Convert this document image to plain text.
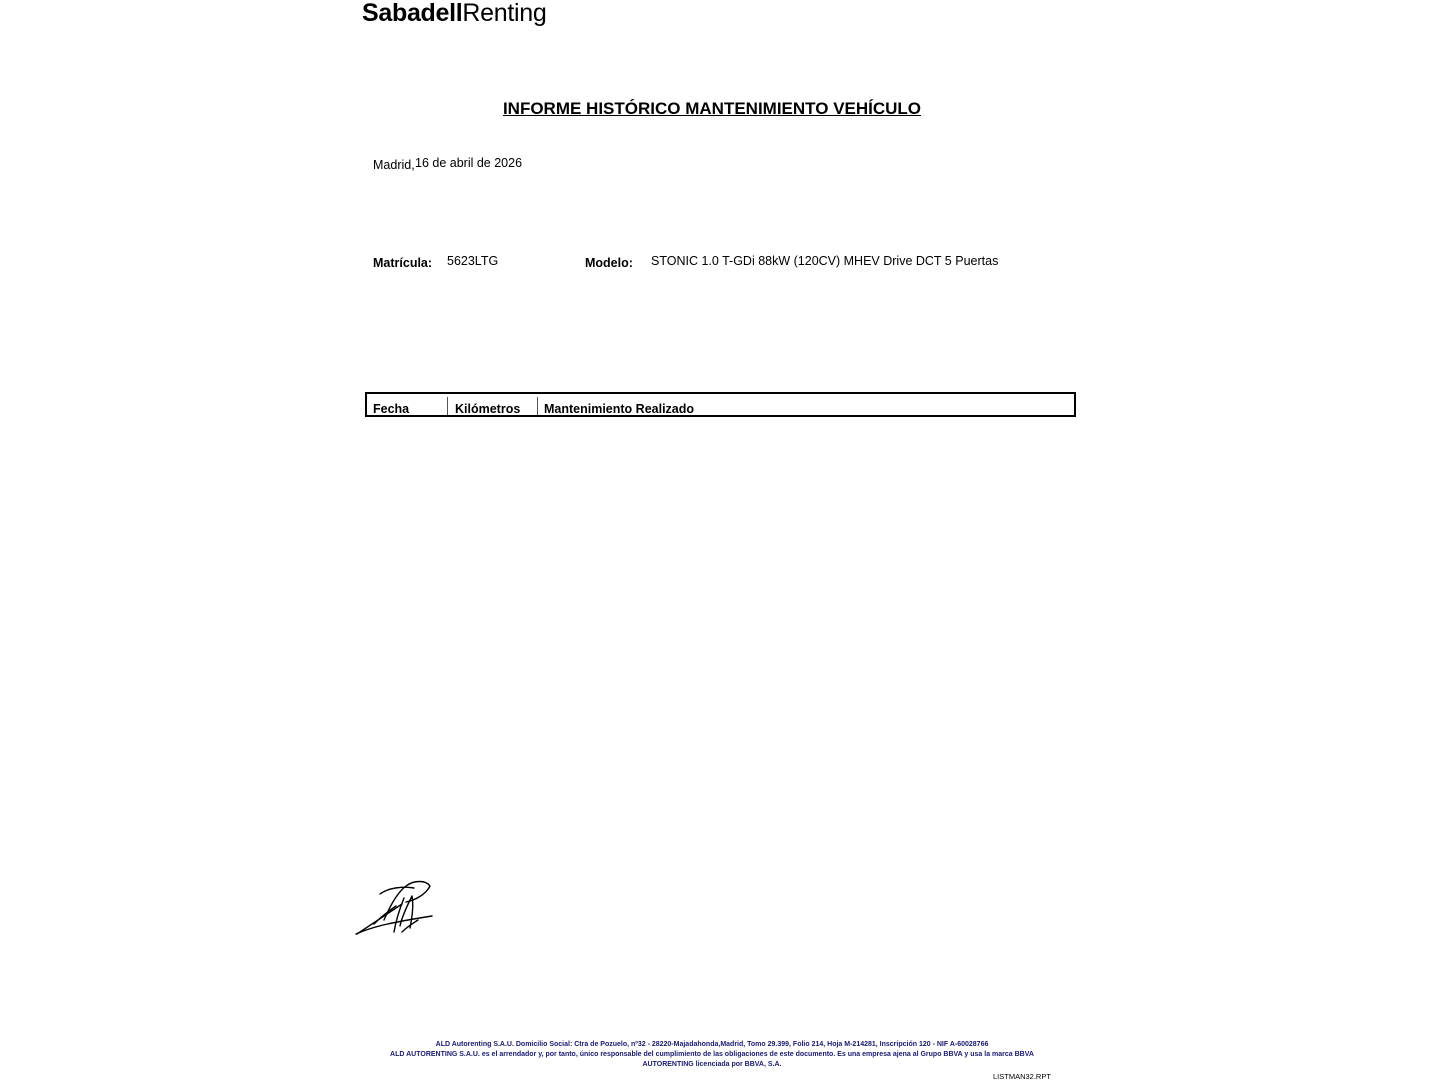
SabadellRenting
INFORME HISTÓRICO MANTENIMIENTO VEHÍCULO
Madrid, 16 de abril de 2026
Matrícula: 5623LTG	Modelo: STONIC 1.0 T-GDi 88kW (120CV) MHEV Drive DCT 5 Puertas
Fecha	Kilómetros Mantenimiento Realizado
ALD Autorenting S.A.U. Domicilio Social: Ctra de Pozuelo, nº32 - 28220-Majadahonda,Madrid, Tomo 29.399, Folio 214, Hoja M-214281, Inscripción 120 - NIF A-60028766
ALD AUTORENTING S.A.U. es el arrendador y, por tanto, único responsable del cumplimiento de las obligaciones de este documento. Es una empresa ajena al Grupo BBVA y usa la marca BBVA
AUTORENTING licenciada por BBVA, S.A.
LISTMAN32.RPT
